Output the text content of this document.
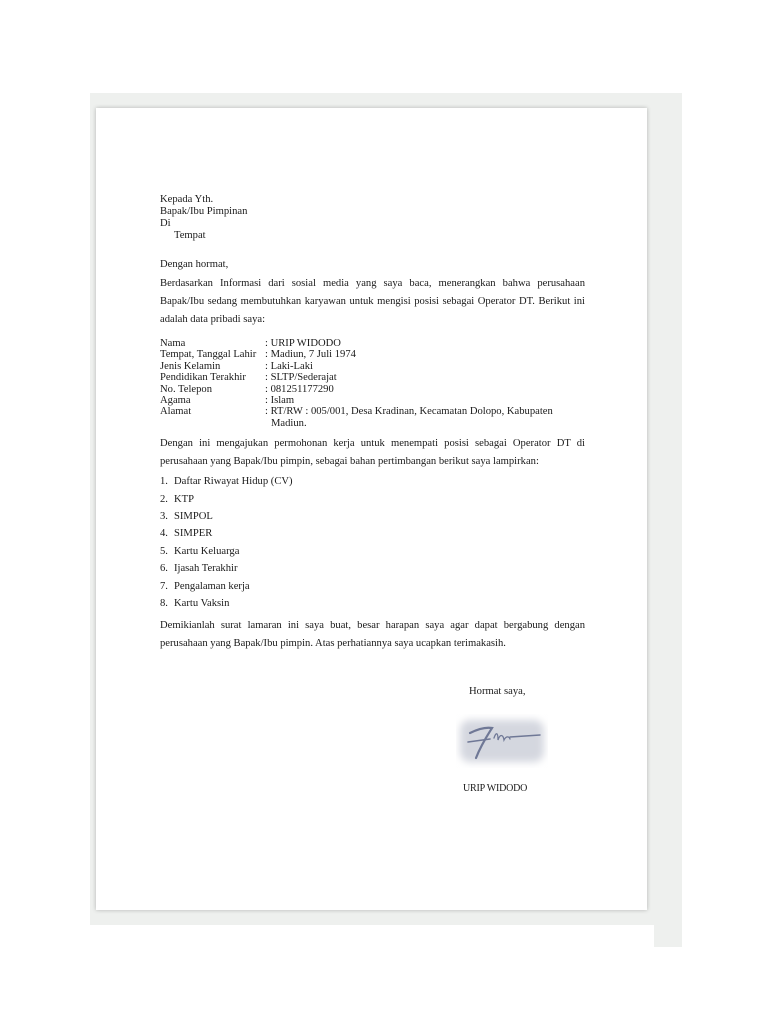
Kepada Yth.
Bapak/Ibu Pimpinan
Di
Tempat

Dengan hormat,

Berdasarkan Informasi dari sosial media yang saya baca, menerangkan bahwa perusahaan Bapak/Ibu sedang membutuhkan karyawan untuk mengisi posisi sebagai Operator DT. Berikut ini adalah data pribadi saya:

Nama	: URIP WIDODO
Tempat, Tanggal Lahir : Madiun, 7 Juli 1974
Jenis Kelamin	: Laki-Laki
Pendidikan Terakhir	: SLTP/Sederajat
No. Telepon	: 081251177290
Agama	: Islam
Alamat	: RT/RW : 005/001, Desa Kradinan, Kecamatan Dolopo, Kabupaten
Madiun.

Dengan ini mengajukan permohonan kerja untuk menempati posisi sebagai Operator DT di perusahaan yang Bapak/Ibu pimpin, sebagai bahan pertimbangan berikut saya lampirkan:

1. Daftar Riwayat Hidup (CV)
2. KTP
3. SIMPOL
4. SIMPER
5. Kartu Keluarga
6. Ijasah Terakhir
7. Pengalaman kerja
8. Kartu Vaksin

Demikianlah surat lamaran ini saya buat, besar harapan saya agar dapat bergabung dengan perusahaan yang Bapak/Ibu pimpin. Atas perhatiannya saya ucapkan terimakasih.

Hormat saya,
URIP WIDODO
